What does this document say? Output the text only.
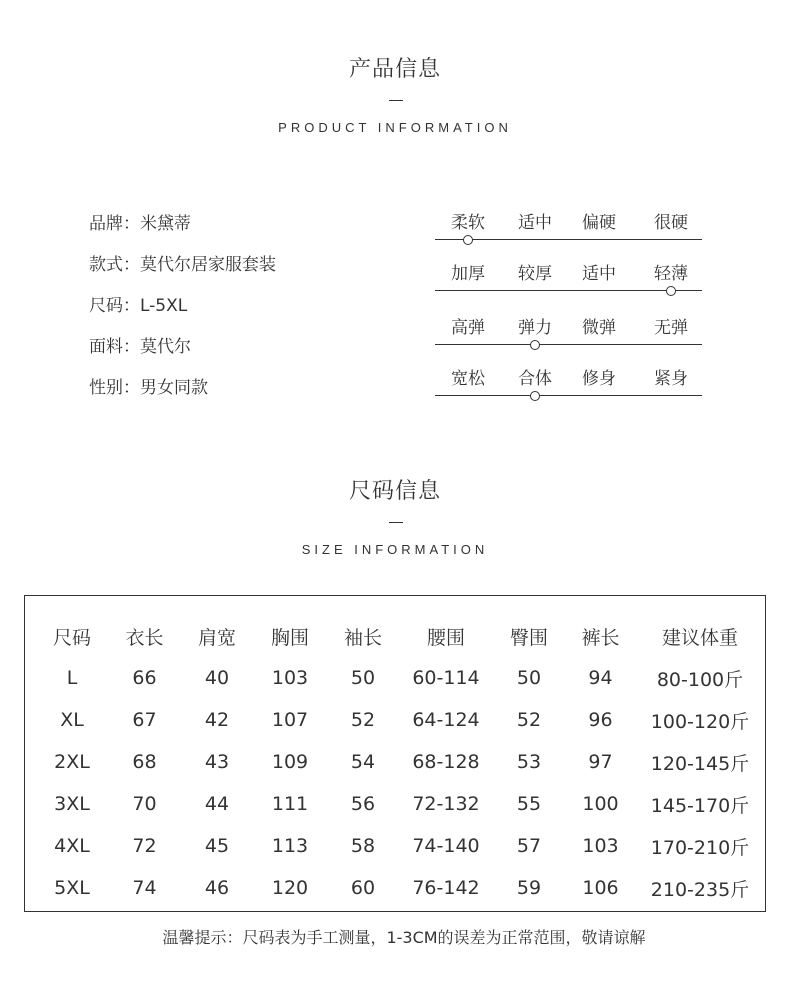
产品信息
PRODUCT INFORMATION
品牌：米黛蒂
款式：莫代尔居家服套装
尺码：L-5XL
面料：莫代尔
性别：男女同款
柔软 适中 偏硬 很硬
加厚 较厚 适中 轻薄
高弹 弹力 微弹 无弹
宽松 合体 修身 紧身
尺码信息
SIZE INFORMATION
尺码	衣长	肩宽	胸围	袖长	腰围	臀围	裤长	建议体重
L	66	40	103	50	60-114	50	94	80-100斤
XL	67	42	107	52	64-124	52	96	100-120斤
2XL	68	43	109	54	68-128	53	97	120-145斤
3XL	70	44	111	56	72-132	55	100	145-170斤
4XL	72	45	113	58	74-140	57	103	170-210斤
5XL	74	46	120	60	76-142	59	106	210-235斤
温馨提示：尺码表为手工测量，1-3CM的误差为正常范围，敬请谅解
